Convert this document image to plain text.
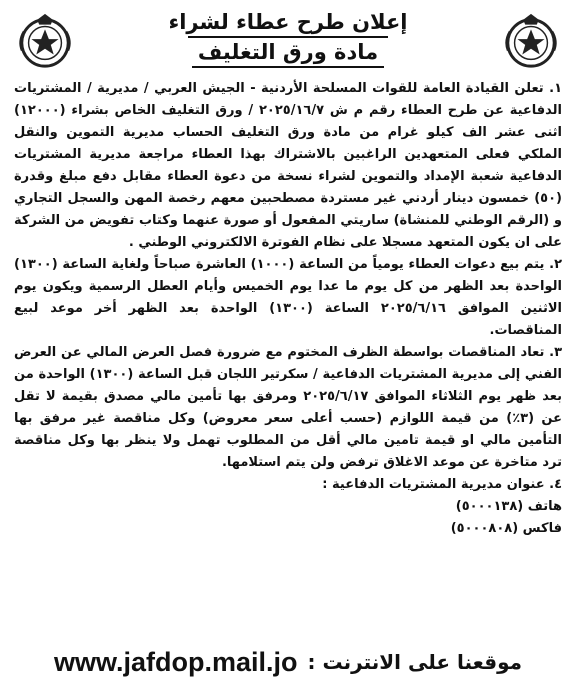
إعلان طرح عطاء لشراء
مادة ورق التغليف

١. تعلن القيادة العامة للقوات المسلحة الأردنية - الجيش العربي / مديرية / المشتريات الدفاعية عن طرح العطاء رقم م ش ٢٠٢٥/١٦/٧ / ورق التغليف الخاص بشراء (١٢٠٠٠) اثنى عشر الف كيلو غرام من مادة ورق التغليف الحساب مديرية التموين والنقل الملكي فعلى المتعهدين الراغبين بالاشتراك بهذا العطاء مراجعة مديرية المشتريات الدفاعية شعبة الإمداد والتموين لشراء نسخة من دعوة العطاء مقابل دفع مبلغ وقدرة (٥٠) خمسون دينار أردني غير مستردة مصطحبين معهم رخصة المهن والسجل التجاري و (الرقم الوطني للمنشاة) ساريتي المفعول أو صورة عنهما وكتاب تفويض من الشركة على ان يكون المتعهد مسجلا على نظام الفوترة الالكتروني الوطني .

٢. يتم بيع دعوات العطاء يومياً من الساعة (١٠٠٠) العاشرة صباحاً ولغاية الساعة (١٣٠٠) الواحدة بعد الظهر من كل يوم ما عدا يوم الخميس وأيام العطل الرسمية ويكون يوم الاثنين الموافق ٢٠٢٥/٦/١٦ الساعة (١٣٠٠) الواحدة بعد الظهر أخر موعد لبيع المناقصات.

٣. تعاد المناقصات بواسطة الظرف المختوم مع ضرورة فصل العرض المالي عن العرض الفني إلى مديرية المشتريات الدفاعية / سكرتير اللجان قبل الساعة (١٣٠٠) الواحدة من بعد ظهر يوم الثلاثاء الموافق ٢٠٢٥/٦/١٧ ومرفق بها تأمين مالي مصدق بقيمة لا تقل عن (٣٪) من قيمة اللوازم (حسب أعلى سعر معروض) وكل مناقصة غير مرفق بها التأمين مالي او قيمة تامين مالي أقل من المطلوب تهمل ولا ينظر بها وكل مناقصة ترد متاخرة عن موعد الاغلاق ترفض ولن يتم استلامها.

٤. عنوان مديرية المشتريات الدفاعية :

هاتف (٥٠٠٠١٣٨)

فاكس (٥٠٠٠٨٠٨)

موقعنا على الانترنت :
www.jafdop.mail.jo
